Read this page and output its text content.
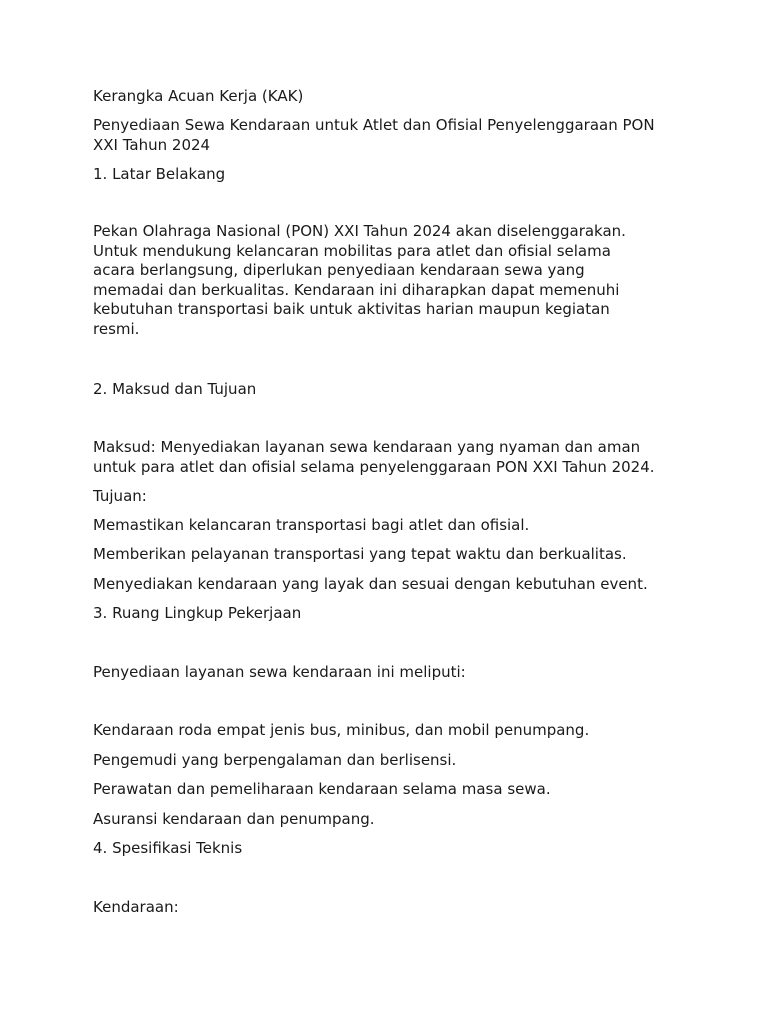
Kerangka Acuan Kerja (KAK)
Penyediaan Sewa Kendaraan untuk Atlet dan Ofisial Penyelenggaraan PON
XXI Tahun 2024
1. Latar Belakang
Pekan Olahraga Nasional (PON) XXI Tahun 2024 akan diselenggarakan.
Untuk mendukung kelancaran mobilitas para atlet dan ofisial selama
acara berlangsung, diperlukan penyediaan kendaraan sewa yang
memadai dan berkualitas. Kendaraan ini diharapkan dapat memenuhi
kebutuhan transportasi baik untuk aktivitas harian maupun kegiatan
resmi.
2. Maksud dan Tujuan
Maksud: Menyediakan layanan sewa kendaraan yang nyaman dan aman
untuk para atlet dan ofisial selama penyelenggaraan PON XXI Tahun 2024.
Tujuan:
Memastikan kelancaran transportasi bagi atlet dan ofisial.
Memberikan pelayanan transportasi yang tepat waktu dan berkualitas.
Menyediakan kendaraan yang layak dan sesuai dengan kebutuhan event.
3. Ruang Lingkup Pekerjaan
Penyediaan layanan sewa kendaraan ini meliputi:
Kendaraan roda empat jenis bus, minibus, dan mobil penumpang.
Pengemudi yang berpengalaman dan berlisensi.
Perawatan dan pemeliharaan kendaraan selama masa sewa.
Asuransi kendaraan dan penumpang.
4. Spesifikasi Teknis
Kendaraan:
